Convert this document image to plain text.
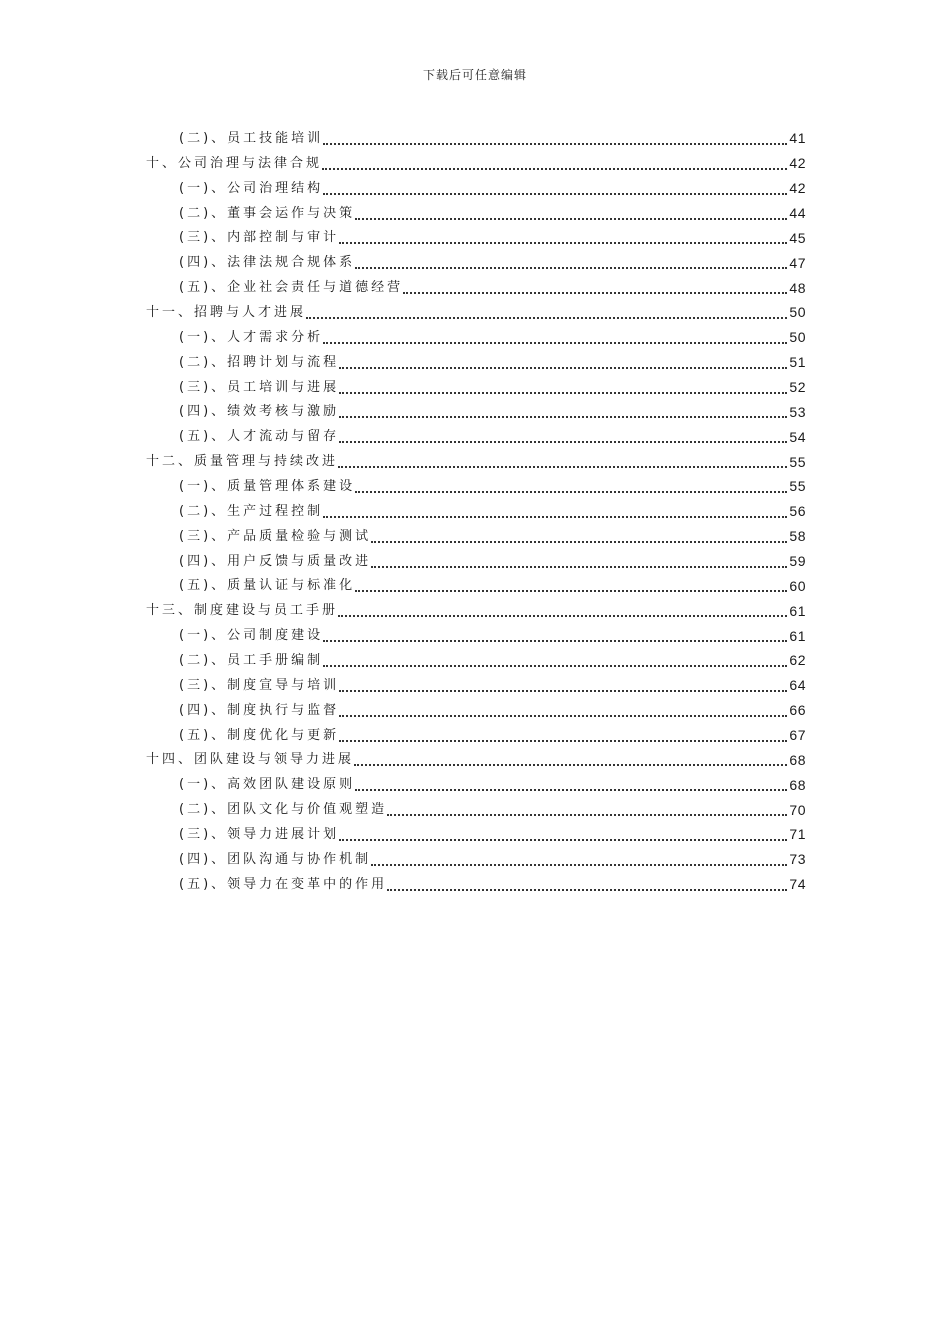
下载后可任意编辑
(二)、员工技能培训	41
十、公司治理与法律合规	42
(一)、公司治理结构	42
(二)、董事会运作与决策	44
(三)、内部控制与审计	45
(四)、法律法规合规体系	47
(五)、企业社会责任与道德经营	48
十一、招聘与人才进展	50
(一)、人才需求分析	50
(二)、招聘计划与流程	51
(三)、员工培训与进展	52
(四)、绩效考核与激励	53
(五)、人才流动与留存	54
十二、质量管理与持续改进	55
(一)、质量管理体系建设	55
(二)、生产过程控制	56
(三)、产品质量检验与测试	58
(四)、用户反馈与质量改进	59
(五)、质量认证与标准化	60
十三、制度建设与员工手册	61
(一)、公司制度建设	61
(二)、员工手册编制	62
(三)、制度宣导与培训	64
(四)、制度执行与监督	66
(五)、制度优化与更新	67
十四、团队建设与领导力进展	68
(一)、高效团队建设原则	68
(二)、团队文化与价值观塑造	70
(三)、领导力进展计划	71
(四)、团队沟通与协作机制	73
(五)、领导力在变革中的作用	74
